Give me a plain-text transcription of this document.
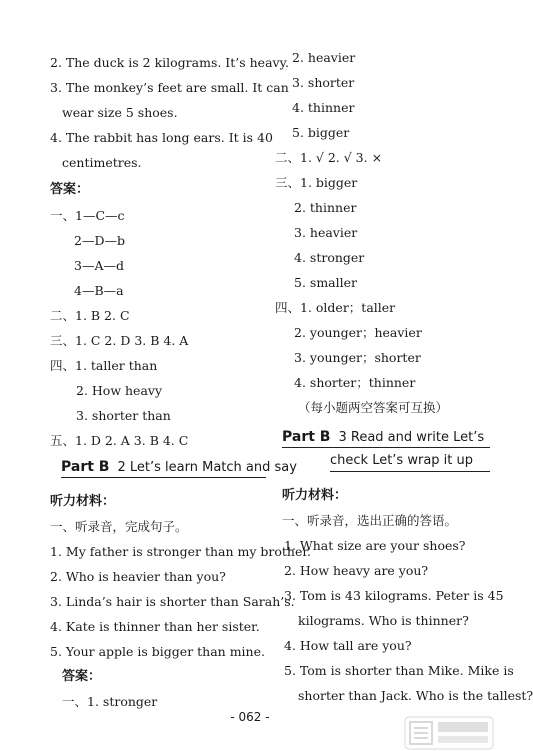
2. The duck is 2 kilograms. It’s heavy.
3. The monkey’s feet are small. It can
wear size 5 shoes.
4. The rabbit has long ears. It is 40
centimetres.
答案：
一、1—C—c
2—D—b
3—A—d
4—B—a
二、1. B 2. C
三、1. C 2. D 3. B 4. A
四、1. taller than
2. How heavy
3. shorter than
五、1. D 2. A 3. B 4. C
Part B 2 Let’s learn Match and say
听力材料：
一、听录音，完成句子。
1. My father is stronger than my brother.
2. Who is heavier than you?
3. Linda’s hair is shorter than Sarah’s.
4. Kate is thinner than her sister.
5. Your apple is bigger than mine.
答案：
一、1. stronger
2. heavier
3. shorter
4. thinner
5. bigger
二、1. √ 2. √ 3. ×
三、1. bigger
2. thinner
3. heavier
4. stronger
5. smaller
四、1. older；taller
2. younger；heavier
3. younger；shorter
4. shorter；thinner
（每小题两空答案可互换）
Part B 3 Read and write Let’s
check Let’s wrap it up
听力材料：
一、听录音，选出正确的答语。
1. What size are your shoes?
2. How heavy are you?
3. Tom is 43 kilograms. Peter is 45
kilograms. Who is thinner?
4. How tall are you?
5. Tom is shorter than Mike. Mike is
shorter than Jack. Who is the tallest?
- 062 -
